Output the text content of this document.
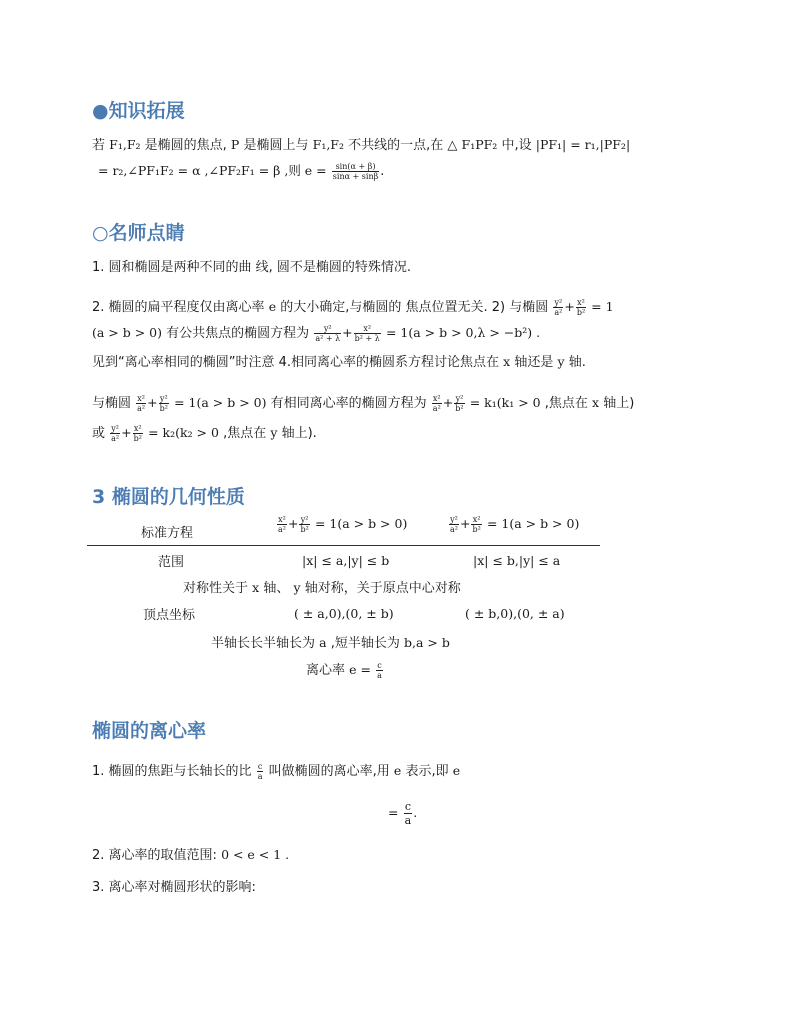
●知识拓展
若 F₁,F₂ 是椭圆的焦点, P 是椭圆上与 F₁,F₂ 不共线的一点,在 △ F₁PF₂ 中,设 |PF₁| = r₁,|PF₂|
= r₂,∠PF₁F₂ = α ,∠PF₂F₁ = β ,则 $e = \frac{\sin(\alpha + \beta)}{\sin\alpha + \sin\beta}$ .
○名师点睛
1. 圆和椭圆是两种不同的曲 线, 圆不是椭圆的特殊情况.
2. 椭圆的扁平程度仅由离心率 e 的大小确定,与椭圆的 焦点位置无关. 2) 与椭圆 $\frac{\text{y²}}{\text{a²}} + \frac{\text{x²}}{\text{b²}} = 1$
(a > b > 0) 有公共焦点的椭圆方程为 $\frac{\text{y²}}{\text{a² + λ}} + \frac{\text{x²}}{\text{b² + λ}} = 1(a > b > 0,\lambda > -b^2)$ .
见到“离心率相同的椭圆”时注意 4.相同离心率的椭圆系方程讨论焦点在 x 轴还是 y 轴.
与椭圆 $\frac{\text{x²}}{\text{a²}} + \frac{\text{y²}}{\text{b²}} = 1(a > b > 0)$ 有相同离心率的椭圆方程为 $\frac{\text{x²}}{\text{a²}} + \frac{\text{y²}}{\text{b²}} = k_1(k_1 > 0$ ,焦点在 x 轴上)
或 $\frac{\text{y²}}{\text{a²}} + \frac{\text{x²}}{\text{b²}} = k_2(k_2 > 0$ ,焦点在 y 轴上).
3 椭圆的几何性质
标准方程	$\frac{\text{x²}}{\text{a²}} + \frac{\text{y²}}{\text{b²}} = 1(a > b > 0)$	$\frac{\text{y²}}{\text{a²}} + \frac{\text{x²}}{\text{b²}} = 1(a > b > 0)$
范围	|x| ≤ a,|y| ≤ b	|x| ≤ b,|y| ≤ a
对称性关于 x 轴、 y 轴对称，关于原点中心对称
顶点坐标	( ± a,0),(0, ± b)	( ± b,0),(0, ± a)
半轴长长半轴长为 a ,短半轴长为 b,a > b
离心率 $e = \frac{c}{a}$
椭圆的离心率
1. 椭圆的焦距与长轴长的比 $\frac{c}{a}$ 叫做椭圆的离心率,用 e 表示,即 e
= $\frac{c}{a}$ .
2. 离心率的取值范围: 0 < e < 1 .
3. 离心率对椭圆形状的影响:
